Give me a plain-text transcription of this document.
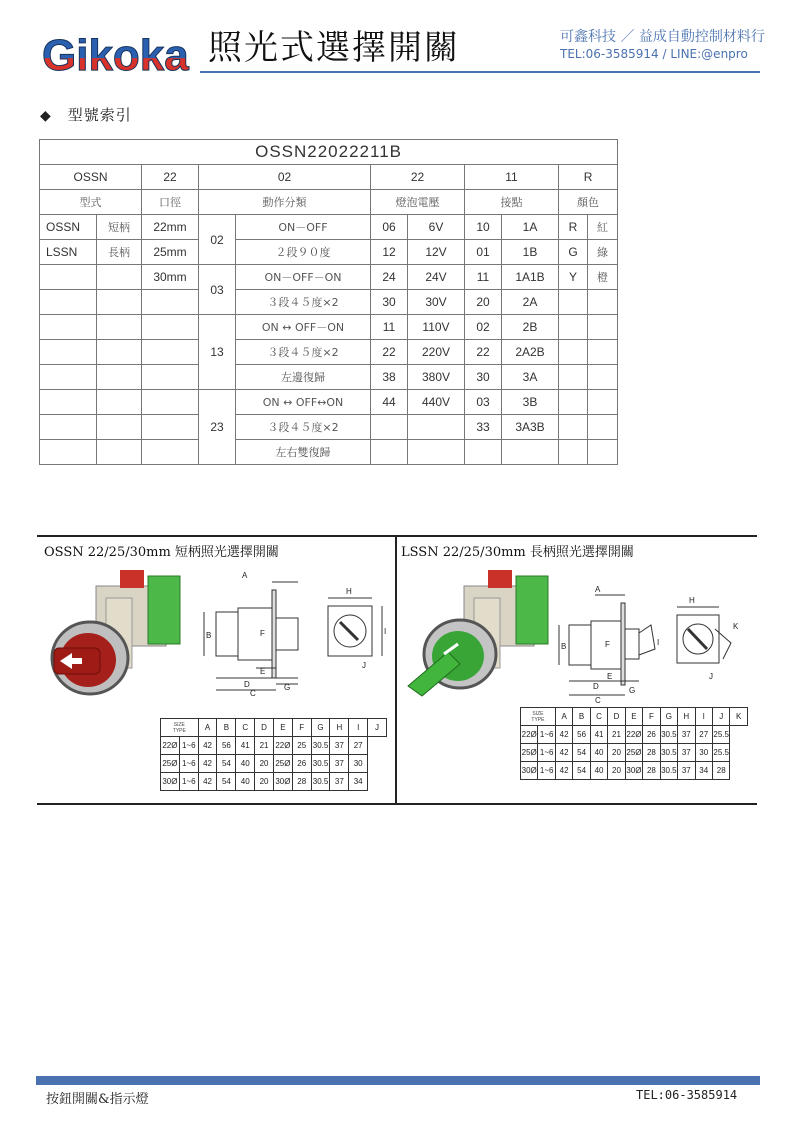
Gikoka 照光式選擇開關	可鑫科技 ／ 益成自動控制材料行
TEL:06-3585914 / LINE:@enpro
◆ 型號索引
OSSN22022211B										
OSSN		22	02		22		11		R	
型式		口徑	動作分類		燈泡電壓		接點		顏色	
OSSN	短柄	22mm	02	ON－OFF	06	6V	10	1A	R	紅
LSSN	長柄	25mm		２段９０度	12	12V	01	1B	G	綠
		30mm	03	ON－OFF－ON	24	24V	11	1A1B	Y	橙
				３段４５度×2	30	30V	20	2A		
			13	ON ↔ OFF－ON	11	110V	02	2B		
				３段４５度×2	22	220V	22	2A2B		
				左邊復歸	38	380V	30	3A		
			23	ON ↔ OFF↔ON	44	440V	03	3B		
				３段４５度×2			33	3A3B		
				左右雙復歸						
OSSN 22/25/30mm 短柄照光選擇開關	LSSN 22/25/30mm 長柄照光選擇開關
A
B
C
D
E
F
G
H
I
J
A
B
C
D
E
F
G
H
I
J
K
SIZE
TYPE		A	B	C	D	E	F	G	H	I	J
22Ø	1~6	42	56	41	21	22Ø	25	30.5	37	27	
25Ø	1~6	42	54	40	20	25Ø	26	30.5	37	30	
30Ø	1~6	42	54	40	20	30Ø	28	30.5	37	34	
SIZE
TYPE		A	B	C	D	E	F	G	H	I	J	K
22Ø	1~6	42	56	41	21	22Ø	26	30.5	37	27	25.5	
25Ø	1~6	42	54	40	20	25Ø	28	30.5	37	30	25.5	
30Ø	1~6	42	54	40	20	30Ø	28	30.5	37	34	28	
按鈕開關&指示燈	TEL:06-3585914
